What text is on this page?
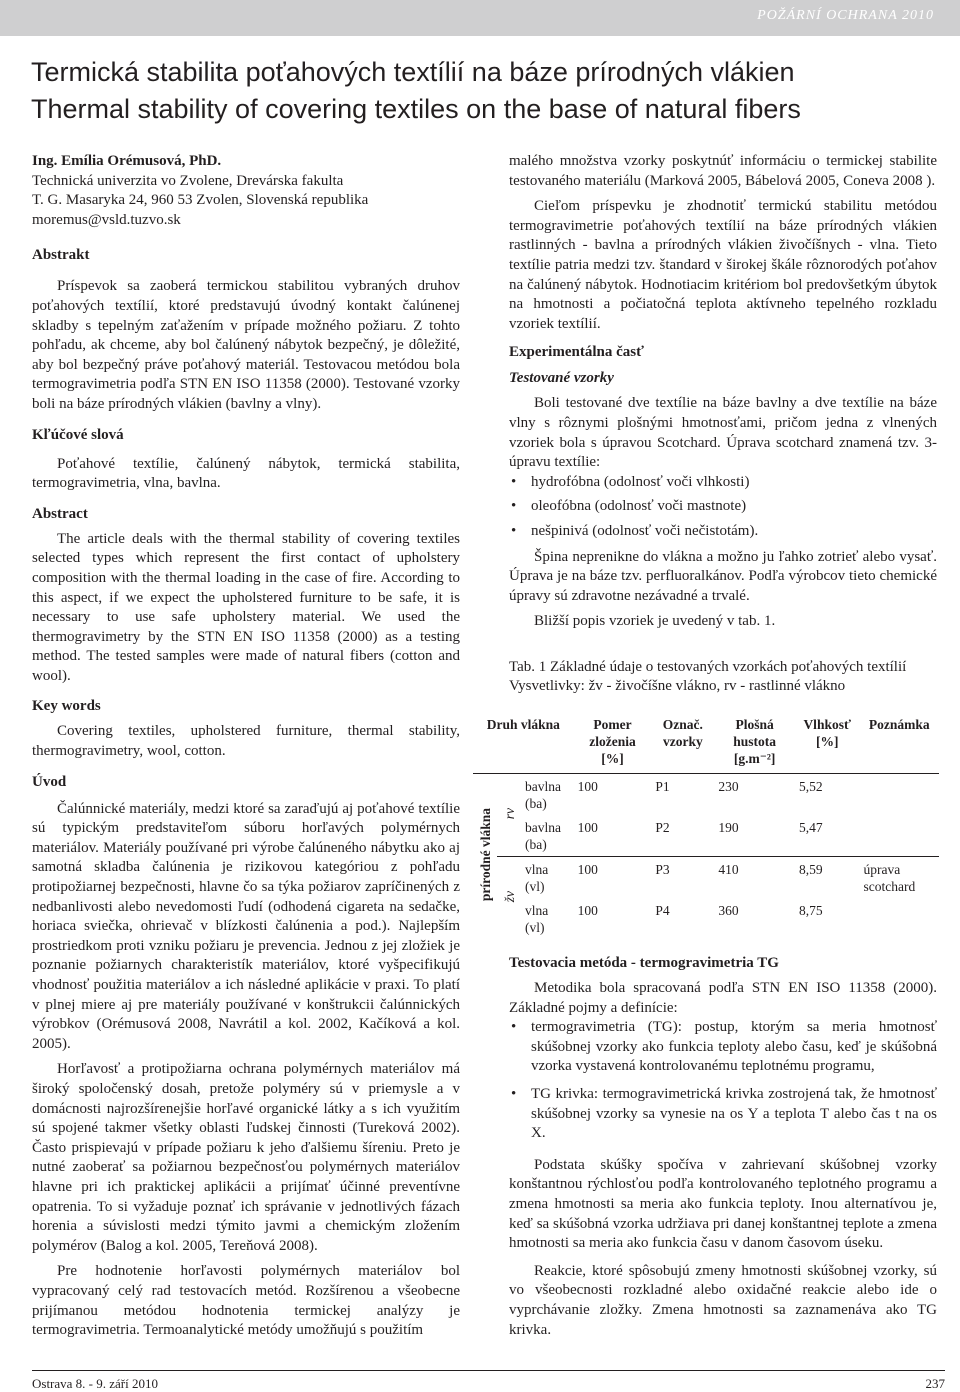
POŽÁRNÍ OCHRANA 2010
Termická stabilita poťahových textílií na báze prírodných vlákien
Thermal stability of covering textiles on the base of natural fibers

Ing. Emília Orémusová, PhD.

Technická univerzita vo Zvolene, Drevárska fakulta

T. G. Masaryka 24, 960 53 Zvolen, Slovenská republika

moremus@vsld.tuzvo.sk

Abstrakt

Príspevok sa zaoberá termickou stabilitou vybraných druhov poťahových textílií, ktoré predstavujú úvodný kontakt čalúnenej skladby s tepelným zaťažením v prípade možného požiaru. Z tohto pohľadu, ak chceme, aby bol čalúnený nábytok bezpečný, je dôležité, aby bol bezpečný práve poťahový materiál. Testovacou metódou bola termogravimetria podľa STN EN ISO 11358 (2000). Testované vzorky boli na báze prírodných vlákien (bavlny a vlny).

Kľúčové slová

Poťahové textílie, čalúnený nábytok, termická stabilita, termogravimetria, vlna, bavlna.

Abstract

The article deals with the thermal stability of covering textiles selected types which represent the first contact of upholstery composition with the thermal loading in the case of fire. According to this aspect, if we expect the upholstered furniture to be safe, it is necessary to use safe upholstery material. We used the thermogravimetry by the STN EN ISO 11358 (2000) as a testing method. The tested samples were made of natural fibers (cotton and wool).

Key words

Covering textiles, upholstered furniture, thermal stability, thermogravimetry, wool, cotton.

Úvod

Čalúnnické materiály, medzi ktoré sa zaraďujú aj poťahové textílie sú typickým predstaviteľom súboru horľavých polymérnych materiálov. Materiály používané pri výrobe čalúneného nábytku ako aj samotná skladba čalúnenia je rizikovou kategóriou z pohľadu protipožiarnej bezpečnosti, hlavne čo sa týka požiarov zapríčinených z nedbanlivosti alebo nevedomosti ľudí (odhodená cigareta na sedačke, horiaca sviečka, ohrievač v blízkosti čalúnenia a pod.). Najlepším prostriedkom proti vzniku požiaru je prevencia. Jednou z jej zložiek je poznanie požiarnych charakteristík materiálov, ktoré vyšpecifikujú vhodnosť použitia materiálov a ich následné aplikácie v praxi. To platí v plnej miere aj pre materiály používané v konštrukcii čalúnnických výrobkov (Orémusová 2008, Navrátil a kol. 2002, Kačíková a kol. 2005).

Horľavosť a protipožiarna ochrana polymérnych materiálov má široký spoločenský dosah, pretože polyméry sú v priemysle a v domácnosti najrozšírenejšie horľavé organické látky a s ich využitím sú spojené takmer všetky oblasti ľudskej činnosti (Tureková 2002). Často prispievajú v prípade požiaru k jeho ďalšiemu šíreniu. Preto je nutné zaoberať sa požiarnou bezpečnosťou polymérnych materiálov hlavne pri ich praktickej aplikácii a prijímať účinné preventívne opatrenia. To si vyžaduje poznať ich správanie v jednotlivých fázach horenia a súvislosti medzi týmito javmi a chemickým zložením polymérov (Balog a kol. 2005, Tereňová 2008).

Pre hodnotenie horľavosti polymérnych materiálov bol vypracovaný celý rad testovacích metód. Rozšírenou a všeobecne prijímanou metódou hodnotenia termickej analýzy je termogravimetria. Termoanalytické metódy umožňujú s použitím

malého množstva vzorky poskytnúť informáciu o termickej stabilite testovaného materiálu (Marková 2005, Bábelová 2005, Coneva 2008 ).

Cieľom príspevku je zhodnotiť termickú stabilitu metódou termogravimetrie poťahových textílií na báze prírodných vlákien rastlinných - bavlna a prírodných vlákien živočíšnych - vlna. Tieto textílie patria medzi tzv. štandard v širokej škále rôznorodých poťahov na čalúnený nábytok. Hodnotiacim kritériom bol predovšetkým úbytok na hmotnosti a počiatočná teplota aktívneho tepelného rozkladu vzoriek textílií.

Experimentálna časť

Testované vzorky

Boli testované dve textílie na báze bavlny a dve textílie na báze vlny s rôznymi plošnými hmotnosťami, pričom jedna z vlnených vzoriek bola s úpravou Scotchard. Úprava scotchard znamená tzv. 3-úpravu textílie:

• hydrofóbna (odolnosť voči vlhkosti)
• oleofóbna (odolnosť voči mastnote)
• nešpinivá (odolnosť voči nečistotám).

Špina neprenikne do vlákna a možno ju ľahko zotrieť alebo vysať. Úprava je na báze tzv. perfluoralkánov. Podľa výrobcov tieto chemické úpravy sú zdravotne nezávadné a trvalé.

Bližší popis vzoriek je uvedený v tab. 1.

Tab. 1 Základné údaje o testovaných vzorkách poťahových textílií

Vysvetlivky: žv - živočíšne vlákno, rv - rastlinné vlákno

Druh vlákna			Pomer zloženia [%]	Označ. vzorky	Plošná hustota [g.m⁻²]	Vlhkosť [%]	Poznámka
prírodné vlákna	rv	bavlna (ba)	100	P1	230	5,52	
		bavlna (ba)	100	P2	190	5,47	
	žv	vlna (vl)	100	P3	410	8,59	úprava scotchard
		vlna (vl)	100	P4	360	8,75	
Testovacia metóda - termogravimetria TG

Metodika bola spracovaná podľa STN EN ISO 11358 (2000). Základné pojmy a definície:

• termogravimetria (TG): postup, ktorým sa meria hmotnosť skúšobnej vzorky ako funkcia teploty alebo času, keď je skúšobná vzorka vystavená kontrolovanému teplotnému programu,
• TG krivka: termogravimetrická krivka zostrojená tak, že hmotnosť skúšobnej vzorky sa vynesie na os Y a teplota T alebo čas t na os X.

Podstata skúšky spočíva v zahrievaní skúšobnej vzorky konštantnou rýchlosťou podľa kontrolovaného teplotného programu a zmena hmotnosti sa meria ako funkcia teploty. Inou alternatívou je, keď sa skúšobná vzorka udržiava pri danej konštantnej teplote a zmena hmotnosti sa meria ako funkcia času v danom časovom úseku.

Reakcie, ktoré spôsobujú zmeny hmotnosti skúšobnej vzorky, sú vo všeobecnosti rozkladné alebo oxidačné reakcie alebo ide o vyprchávanie zložky. Zmena hmotnosti sa zaznamenáva ako TG krivka.

Ostrava 8. - 9. září 2010	237
